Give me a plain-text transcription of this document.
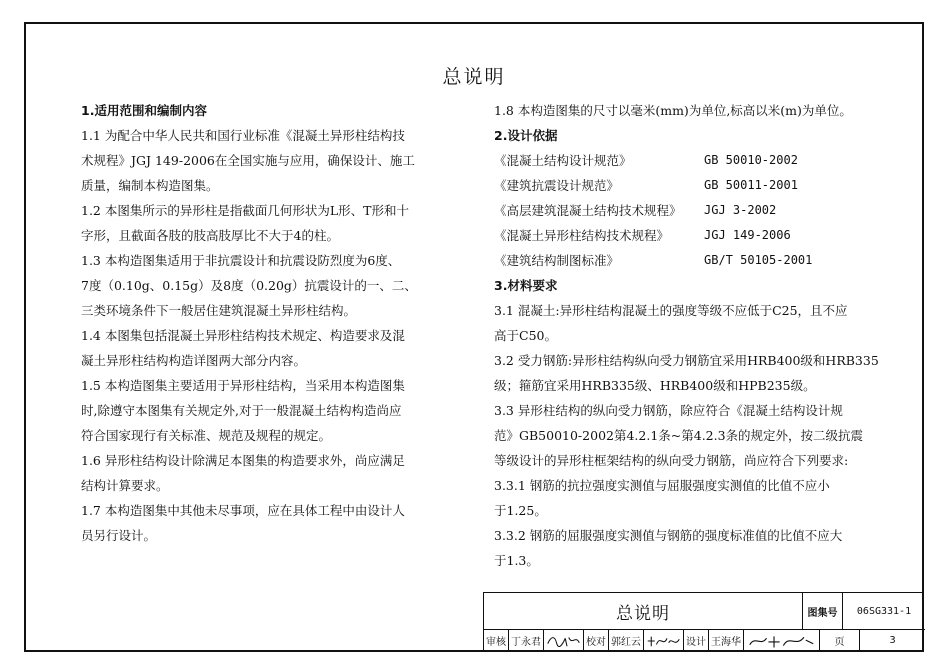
总说明

1.适用范围和编制内容

1.1 为配合中华人民共和国行业标准《混凝土异形柱结构技

术规程》JGJ 149-2006在全国实施与应用，确保设计、施工

质量，编制本构造图集。

1.2 本图集所示的异形柱是指截面几何形状为L形、T形和十

字形，且截面各肢的肢高肢厚比不大于4的柱。

1.3 本构造图集适用于非抗震设计和抗震设防烈度为6度、

7度（0.10g、0.15g）及8度（0.20g）抗震设计的一、二、

三类环境条件下一般居住建筑混凝土异形柱结构。

1.4 本图集包括混凝土异形柱结构技术规定、构造要求及混

凝土异形柱结构构造详图两大部分内容。

1.5 本构造图集主要适用于异形柱结构，当采用本构造图集

时,除遵守本图集有关规定外,对于一般混凝土结构构造尚应

符合国家现行有关标准、规范及规程的规定。

1.6 异形柱结构设计除满足本图集的构造要求外，尚应满足

结构计算要求。

1.7 本构造图集中其他未尽事项，应在具体工程中由设计人

员另行设计。

1.8 本构造图集的尺寸以毫米(mm)为单位,标高以米(m)为单位。

2.设计依据

《混凝土结构设计规范》	GB 50010-2002
《建筑抗震设计规范》	GB 50011-2001
《高层建筑混凝土结构技术规程》	JGJ 3-2002
《混凝土异形柱结构技术规程》	JGJ 149-2006
《建筑结构制图标准》	GB/T 50105-2001

3.材料要求

3.1 混凝土:异形柱结构混凝土的强度等级不应低于C25，且不应

高于C50。

3.2 受力钢筋:异形柱结构纵向受力钢筋宜采用HRB400级和HRB335

级；箍筋宜采用HRB335级、HRB400级和HPB235级。

3.3 异形柱结构的纵向受力钢筋，除应符合《混凝土结构设计规

范》GB50010-2002第4.2.1条~第4.2.3条的规定外，按二级抗震

等级设计的异形柱框架结构的纵向受力钢筋，尚应符合下列要求:

3.3.1 钢筋的抗拉强度实测值与屈服强度实测值的比值不应小

于1.25。

3.3.2 钢筋的屈服强度实测值与钢筋的强度标准值的比值不应大

于1.3。

总说明	图集号	06SG331-1
审核 丁永君	校对 郭红云	设计 王海华	页	3
